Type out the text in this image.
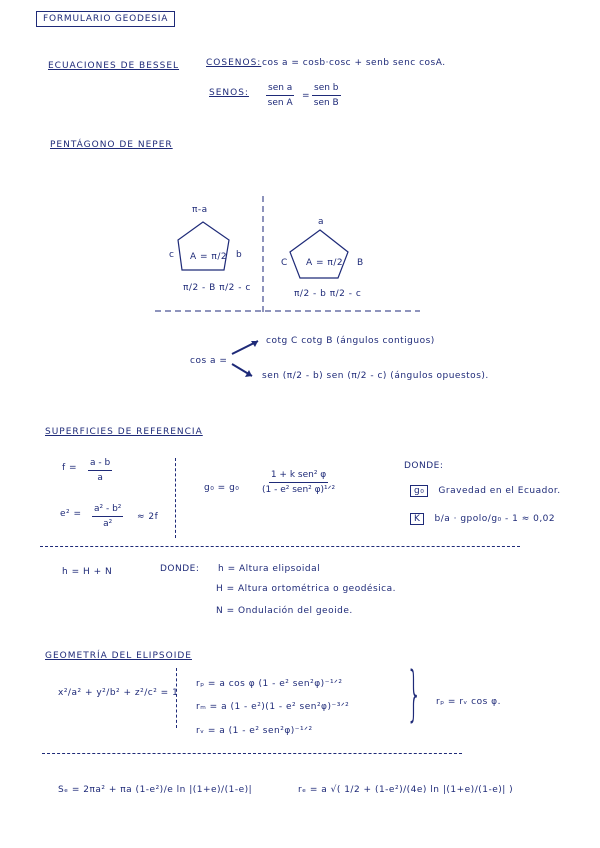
FORMULARIO GEODESIA
ECUACIONES DE BESSEL	COSENOS: cos a = cosb·cosc + senb senc cosA.
SENOS: sen a
sen A
=
sen b
sen B
PENTÁGONO DE NEPER
π-a
A = π/2
c	b
π/2 - B π/2 - c
a
A = π/2
C	B
π/2 - b π/2 - c
cos a =
cotg C cotg B (ángulos contiguos)
sen (π/2 - b) sen (π/2 - c) (ángulos opuestos).
SUPERFICIES DE REFERENCIA
$f = \frac{a - b}{a}$
$e^2 = \frac{\text{a² - b²}}{\text{a²}} \approx 2f$
g₀ = g₀
1 + k sen² φ
(1 - e² sen² φ)¹ᐟ²
DONDE:
g₀ Gravedad en el Ecuador.
K b/a · gpolo/g₀ - 1 ≈ 0,02
h = H + N	DONDE: h = Altura elipsoidal
H = Altura ortométrica o geodésica.
N = Ondulación del geoide.
GEOMETRÍA DEL ELIPSOIDE
x²/a² + y²/b² + z²/c² = 1
rₚ = a cos φ (1 - e² sen²φ)⁻¹ᐟ²
rₘ = a (1 - e²)(1 - e² sen²φ)⁻³ᐟ²
rᵥ = a (1 - e² sen²φ)⁻¹ᐟ²
} rₚ = rᵥ cos φ.
Sₑ = 2πa² + πa (1-e²)/e ln |(1+e)/(1-e)|	rₑ = a √( 1/2 + (1-e²)/(4e) ln |(1+e)/(1-e)| )
